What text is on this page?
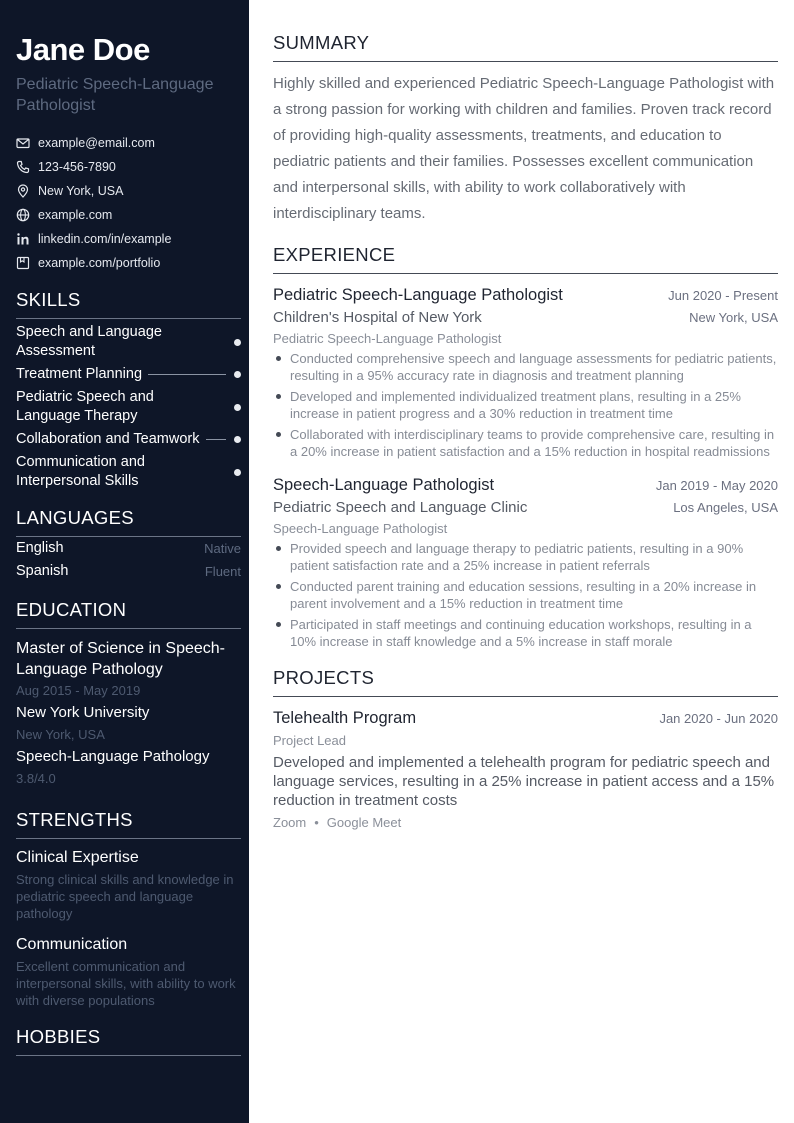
Jane Doe
Pediatric Speech-Language Pathologist
example@email.com
123-456-7890
New York, USA
example.com
linkedin.com/in/example
example.com/portfolio
SKILLS
Speech and Language Assessment
Treatment Planning
Pediatric Speech and Language Therapy
Collaboration and Teamwork
Communication and Interpersonal Skills
LANGUAGES
English	Native
Spanish	Fluent
EDUCATION
Master of Science in Speech-Language Pathology
Aug 2015 - May 2019
New York University
New York, USA
Speech-Language Pathology
3.8/4.0
STRENGTHS
Clinical Expertise
Strong clinical skills and knowledge in pediatric speech and language pathology
Communication
Excellent communication and interpersonal skills, with ability to work with diverse populations
HOBBIES
SUMMARY
Highly skilled and experienced Pediatric Speech-Language Pathologist with a strong passion for working with children and families. Proven track record of providing high-quality assessments, treatments, and education to pediatric patients and their families. Possesses excellent communication and interpersonal skills, with ability to work collaboratively with interdisciplinary teams.
EXPERIENCE
Pediatric Speech-Language Pathologist	Jun 2020 - Present
Children's Hospital of New York	New York, USA
Pediatric Speech-Language Pathologist
Conducted comprehensive speech and language assessments for pediatric patients, resulting in a 95% accuracy rate in diagnosis and treatment planning
Developed and implemented individualized treatment plans, resulting in a 25% increase in patient progress and a 30% reduction in treatment time
Collaborated with interdisciplinary teams to provide comprehensive care, resulting in a 20% increase in patient satisfaction and a 15% reduction in hospital readmissions
Speech-Language Pathologist	Jan 2019 - May 2020
Pediatric Speech and Language Clinic	Los Angeles, USA
Speech-Language Pathologist
Provided speech and language therapy to pediatric patients, resulting in a 90% patient satisfaction rate and a 25% increase in patient referrals
Conducted parent training and education sessions, resulting in a 20% increase in parent involvement and a 15% reduction in treatment time
Participated in staff meetings and continuing education workshops, resulting in a 10% increase in staff knowledge and a 5% increase in staff morale
PROJECTS
Telehealth Program	Jan 2020 - Jun 2020
Project Lead
Developed and implemented a telehealth program for pediatric speech and language services, resulting in a 25% increase in patient access and a 15% reduction in treatment costs
Zoom • Google Meet
